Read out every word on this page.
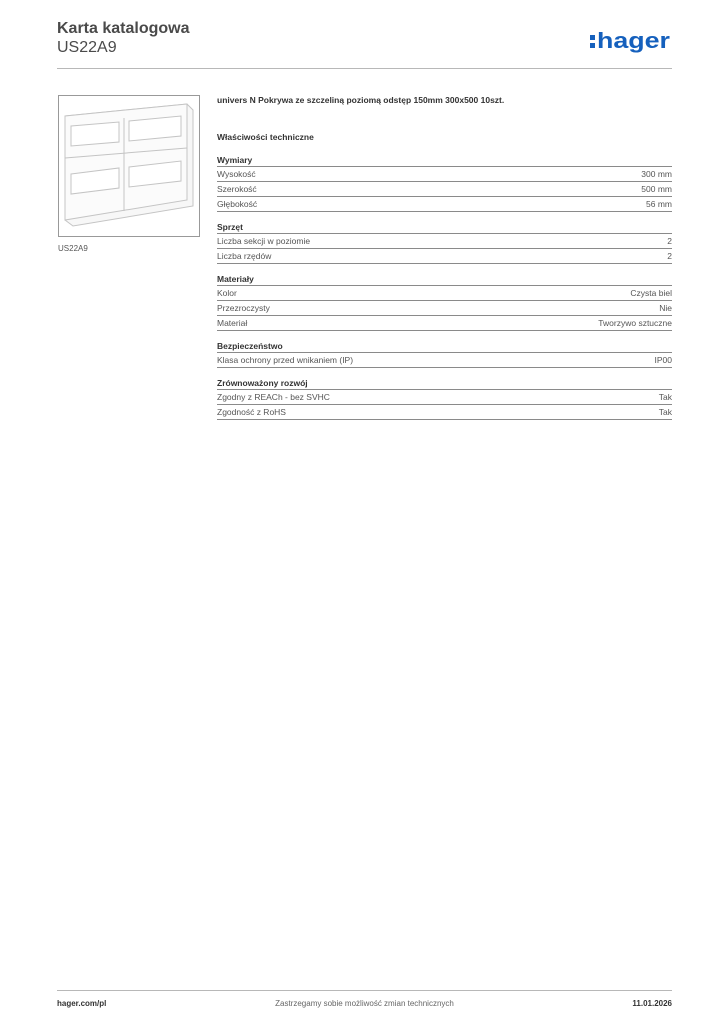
Karta katalogowa
US22A9	hager
US22A9
univers N Pokrywa ze szczeliną poziomą odstęp 150mm 300x500 10szt.
Właściwości techniczne
Wymiary
Wysokość	300 mm
Szerokość	500 mm
Głębokość	56 mm
Sprzęt
Liczba sekcji w poziomie	2
Liczba rzędów	2
Materiały
Kolor	Czysta biel
Przezroczysty	Nie
Materiał	Tworzywo sztuczne
Bezpieczeństwo
Klasa ochrony przed wnikaniem (IP)	IP00
Zrównoważony rozwój
Zgodny z REACh - bez SVHC	Tak
Zgodność z RoHS	Tak
hager.com/pl	Zastrzegamy sobie możliwość zmian technicznych	11.01.2026
